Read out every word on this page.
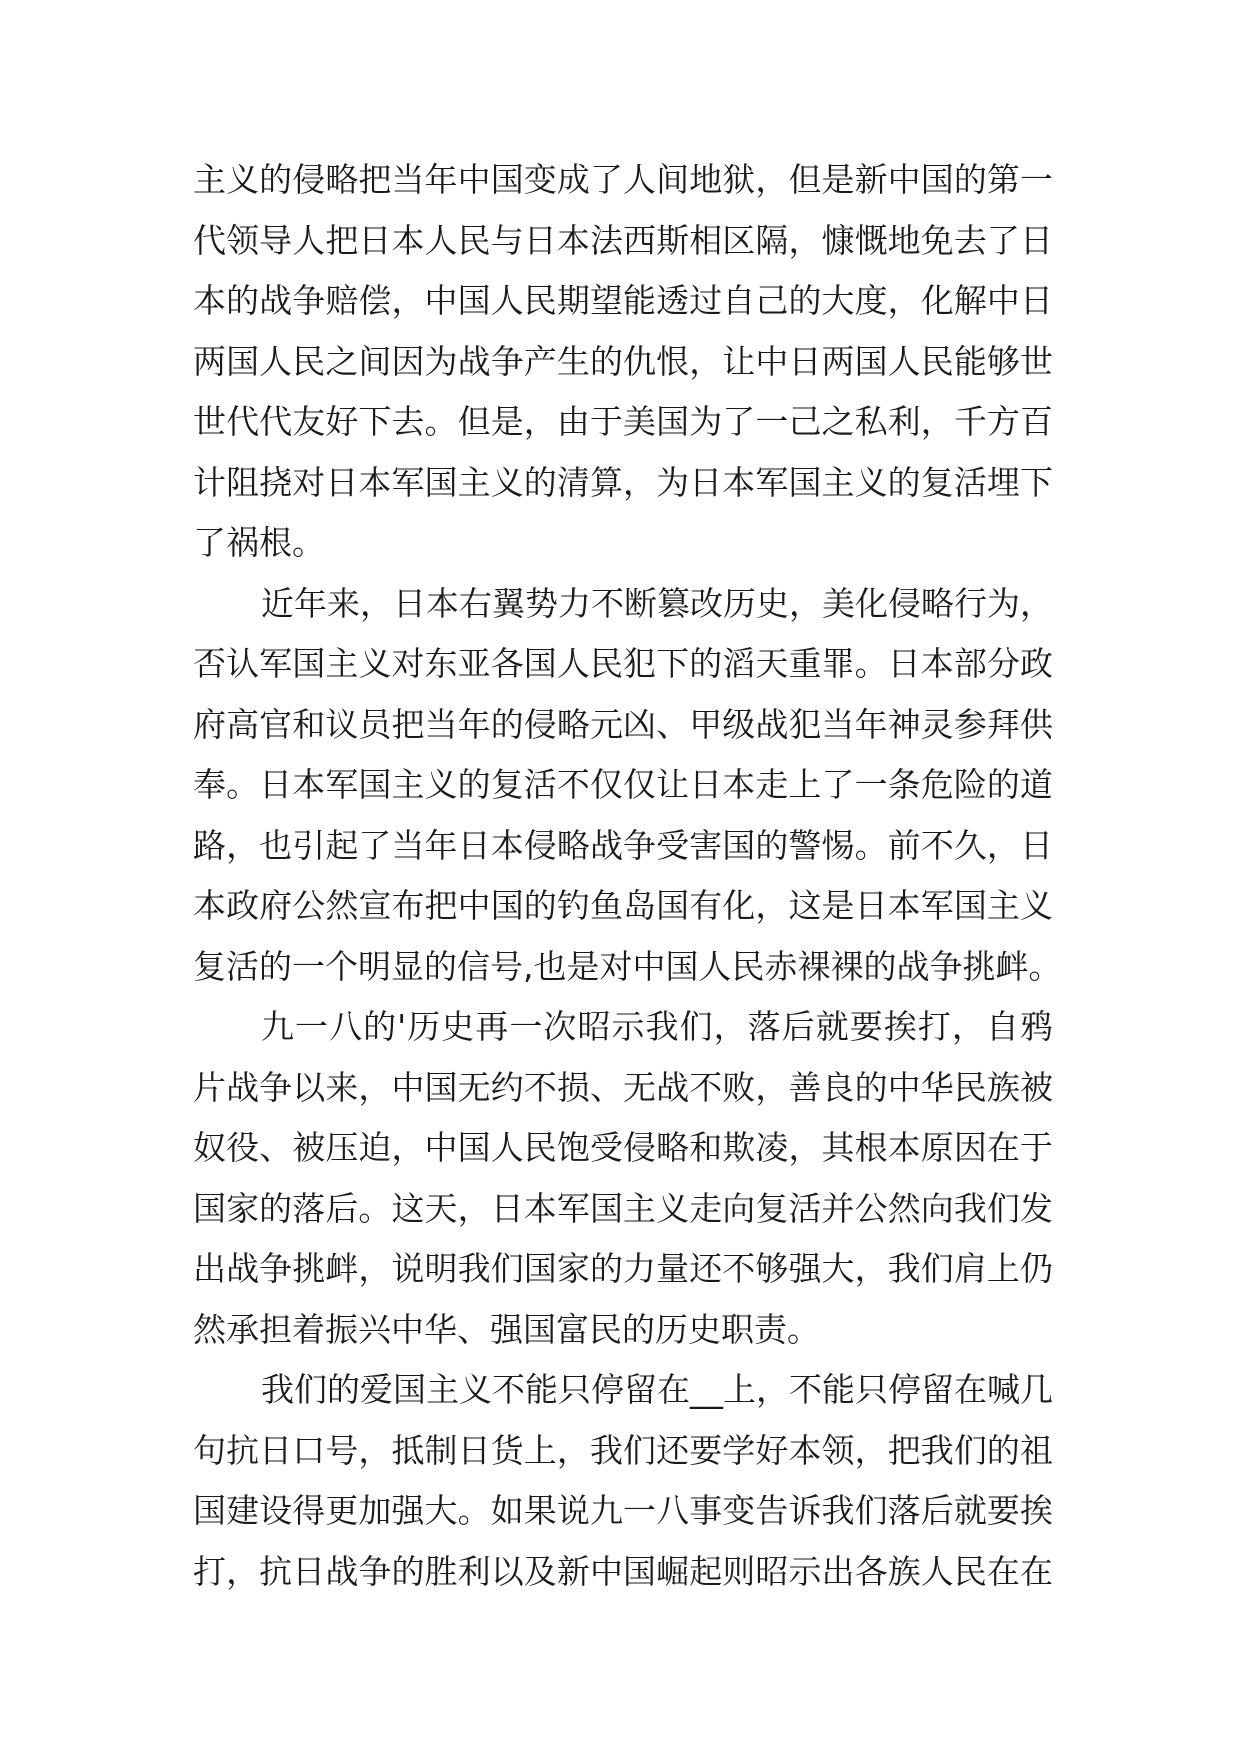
主义的侵略把当年中国变成了人间地狱，但是新中国的第一
代领导人把日本人民与日本法西斯相区隔，慷慨地免去了日
本的战争赔偿，中国人民期望能透过自己的大度，化解中日
两国人民之间因为战争产生的仇恨，让中日两国人民能够世
世代代友好下去。但是，由于美国为了一己之私利，千方百
计阻挠对日本军国主义的清算，为日本军国主义的复活埋下
了祸根。
近年来，日本右翼势力不断篡改历史，美化侵略行为，
否认军国主义对东亚各国人民犯下的滔天重罪。日本部分政
府高官和议员把当年的侵略元凶、甲级战犯当年神灵参拜供
奉。日本军国主义的复活不仅仅让日本走上了一条危险的道
路，也引起了当年日本侵略战争受害国的警惕。前不久，日
本政府公然宣布把中国的钓鱼岛国有化，这是日本军国主义
复活的一个明显的信号,也是对中国人民赤裸裸的战争挑衅。
九一八的'历史再一次昭示我们，落后就要挨打，自鸦
片战争以来，中国无约不损、无战不败，善良的中华民族被
奴役、被压迫，中国人民饱受侵略和欺凌，其根本原因在于
国家的落后。这天，日本军国主义走向复活并公然向我们发
出战争挑衅，说明我们国家的力量还不够强大，我们肩上仍
然承担着振兴中华、强国富民的历史职责。
我们的爱国主义不能只停留在__上，不能只停留在喊几
句抗日口号，抵制日货上，我们还要学好本领，把我们的祖
国建设得更加强大。如果说九一八事变告诉我们落后就要挨
打，抗日战争的胜利以及新中国崛起则昭示出各族人民在在
